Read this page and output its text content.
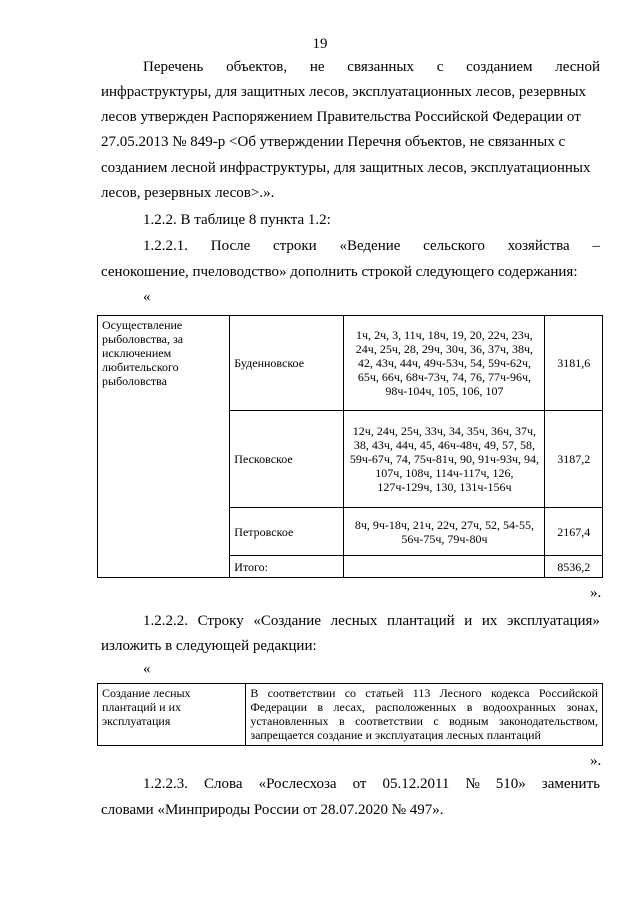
19
Перечень объектов, не связанных с созданием лесной
инфраструктуры, для защитных лесов, эксплуатационных лесов, резервных
лесов утвержден Распоряжением Правительства Российской Федерации от
27.05.2013 № 849-р <Об утверждении Перечня объектов, не связанных с
созданием лесной инфраструктуры, для защитных лесов, эксплуатационных
лесов, резервных лесов>.».
1.2.2. В таблице 8 пункта 1.2:
1.2.2.1. После строки «Ведение сельского хозяйства –
сенокошение, пчеловодство» дополнить строкой следующего содержания:
«
Осуществление рыболовства, за исключением любительского рыболовства	Буденновское	1ч, 2ч, 3, 11ч, 18ч, 19, 20, 22ч, 23ч, 24ч, 25ч, 28, 29ч, 30ч, 36, 37ч, 38ч, 42, 43ч, 44ч, 49ч-53ч, 54, 59ч-62ч, 65ч, 66ч, 68ч-73ч, 74, 76, 77ч-96ч, 98ч-104ч, 105, 106, 107	3181,6
	Песковское	12ч, 24ч, 25ч, 33ч, 34, 35ч, 36ч, 37ч, 38, 43ч, 44ч, 45, 46ч-48ч, 49, 57, 58, 59ч-67ч, 74, 75ч-81ч, 90, 91ч-93ч, 94, 107ч, 108ч, 114ч-117ч, 126, 127ч-129ч, 130, 131ч-156ч	3187,2
	Петровское	8ч, 9ч-18ч, 21ч, 22ч, 27ч, 52, 54-55, 56ч-75ч, 79ч-80ч	2167,4
	Итого:		8536,2
».
1.2.2.2. Строку «Создание лесных плантаций и их эксплуатация»
изложить в следующей редакции:
«
Создание лесных плантаций и их эксплуатация	В соответствии со статьей 113 Лесного кодекса Российской Федерации в лесах, расположенных в водоохранных зонах, установленных в соответствии с водным законодательством, запрещается создание и эксплуатация лесных плантаций
».
1.2.2.3. Слова «Рослесхоза от 05.12.2011 № 510» заменить
словами «Минприроды России от 28.07.2020 № 497».
